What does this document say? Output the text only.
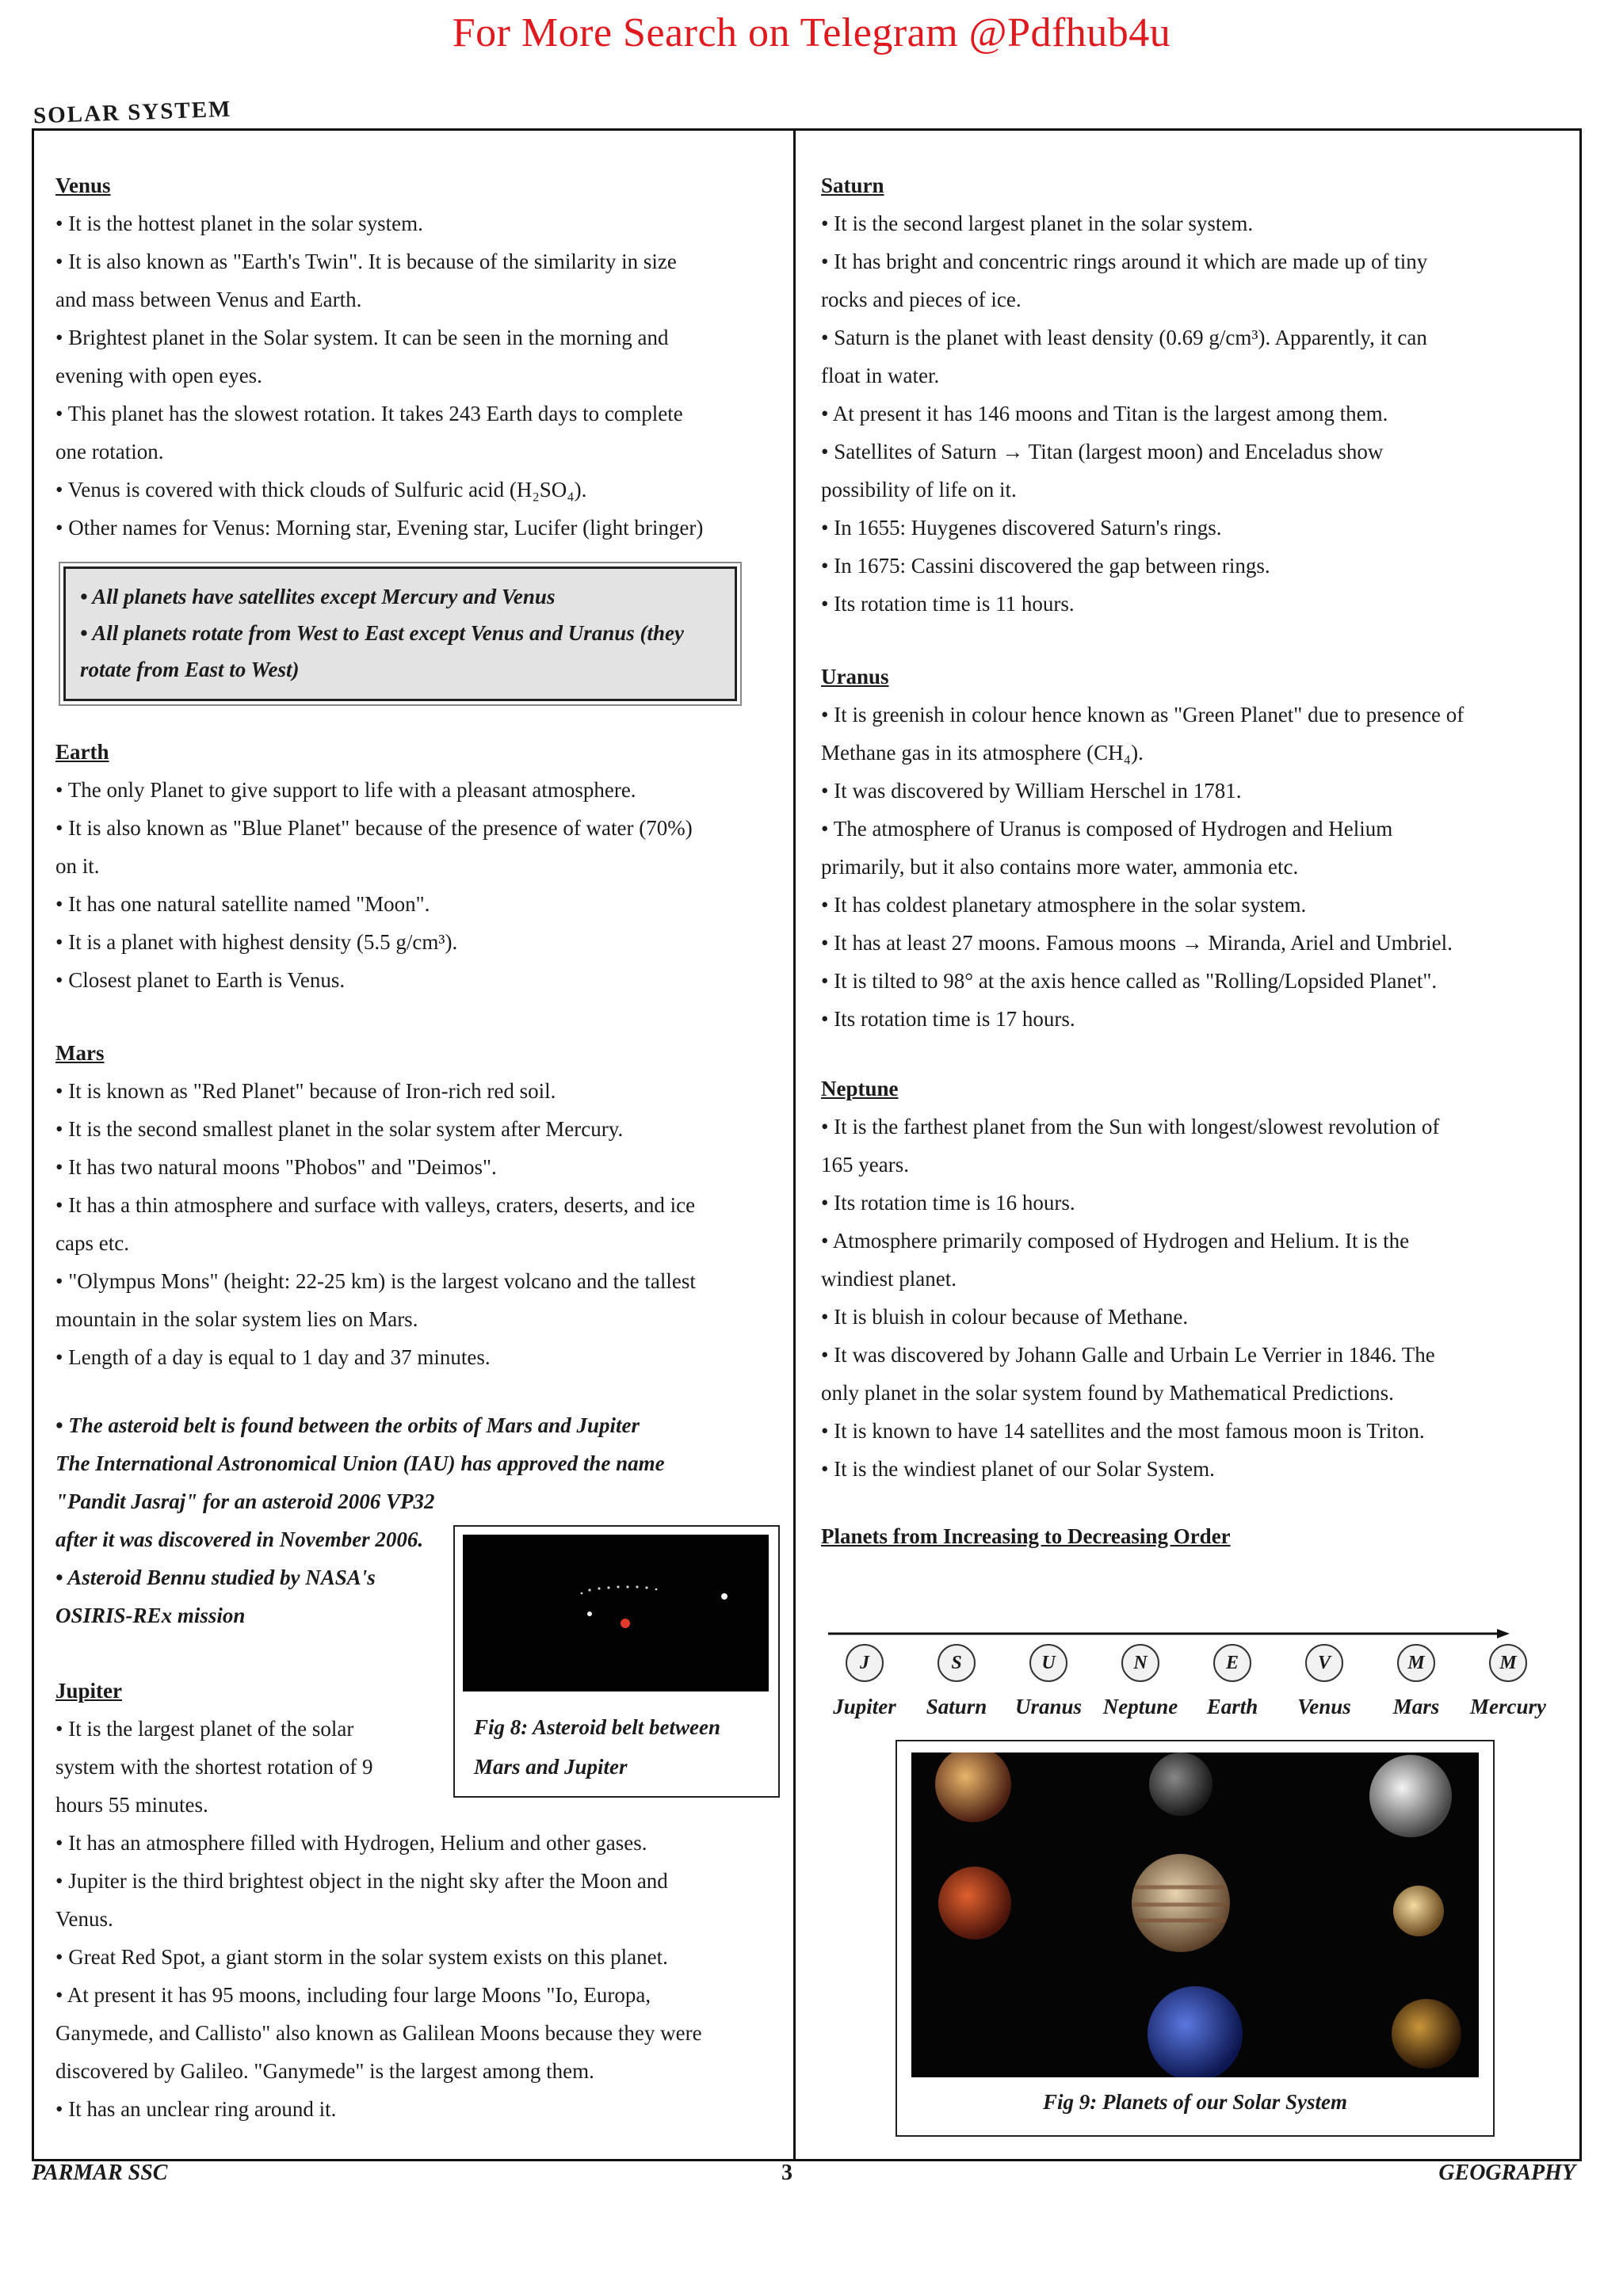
For More Search on Telegram @Pdfhub4u
SOLAR SYSTEM

Venus

• It is the hottest planet in the solar system.

• It is also known as "Earth's Twin". It is because of the similarity in size

and mass between Venus and Earth.

• Brightest planet in the Solar system. It can be seen in the morning and

evening with open eyes.

• This planet has the slowest rotation. It takes 243 Earth days to complete

one rotation.

• Venus is covered with thick clouds of Sulfuric acid (H₂SO₄).

• Other names for Venus: Morning star, Evening star, Lucifer (light bringer)

• All planets have satellites except Mercury and Venus

• All planets rotate from West to East except Venus and Uranus (they

rotate from East to West)

Earth

• The only Planet to give support to life with a pleasant atmosphere.

• It is also known as "Blue Planet" because of the presence of water (70%)

on it.

• It has one natural satellite named "Moon".

• It is a planet with highest density (5.5 g/cm³).

• Closest planet to Earth is Venus.

Mars

• It is known as "Red Planet" because of Iron-rich red soil.

• It is the second smallest planet in the solar system after Mercury.

• It has two natural moons "Phobos" and "Deimos".

• It has a thin atmosphere and surface with valleys, craters, deserts, and ice

caps etc.

• "Olympus Mons" (height: 22-25 km) is the largest volcano and the tallest

mountain in the solar system lies on Mars.

• Length of a day is equal to 1 day and 37 minutes.

• The asteroid belt is found between the orbits of Mars and Jupiter

The International Astronomical Union (IAU) has approved the name

"Pandit Jasraj" for an asteroid 2006 VP32

after it was discovered in November 2006.

• Asteroid Bennu studied by NASA's

OSIRIS-REx mission

Fig 8: Asteroid belt between Mars and Jupiter

Jupiter

• It is the largest planet of the solar

system with the shortest rotation of 9

hours 55 minutes.

• It has an atmosphere filled with Hydrogen, Helium and other gases.

• Jupiter is the third brightest object in the night sky after the Moon and

Venus.

• Great Red Spot, a giant storm in the solar system exists on this planet.

• At present it has 95 moons, including four large Moons "Io, Europa,

Ganymede, and Callisto" also known as Galilean Moons because they were

discovered by Galileo. "Ganymede" is the largest among them.

• It has an unclear ring around it.

Saturn

• It is the second largest planet in the solar system.

• It has bright and concentric rings around it which are made up of tiny

rocks and pieces of ice.

• Saturn is the planet with least density (0.69 g/cm³). Apparently, it can

float in water.

• At present it has 146 moons and Titan is the largest among them.

• Satellites of Saturn → Titan (largest moon) and Enceladus show

possibility of life on it.

• In 1655: Huygenes discovered Saturn's rings.

• In 1675: Cassini discovered the gap between rings.

• Its rotation time is 11 hours.

Uranus

• It is greenish in colour hence known as "Green Planet" due to presence of

Methane gas in its atmosphere (CH₄).

• It was discovered by William Herschel in 1781.

• The atmosphere of Uranus is composed of Hydrogen and Helium

primarily, but it also contains more water, ammonia etc.

• It has coldest planetary atmosphere in the solar system.

• It has at least 27 moons. Famous moons → Miranda, Ariel and Umbriel.

• It is tilted to 98° at the axis hence called as "Rolling/Lopsided Planet".

• Its rotation time is 17 hours.

Neptune

• It is the farthest planet from the Sun with longest/slowest revolution of

165 years.

• Its rotation time is 16 hours.

• Atmosphere primarily composed of Hydrogen and Helium. It is the

windiest planet.

• It is bluish in colour because of Methane.

• It was discovered by Johann Galle and Urbain Le Verrier in 1846. The

only planet in the solar system found by Mathematical Predictions.

• It is known to have 14 satellites and the most famous moon is Triton.

• It is the windiest planet of our Solar System.

Planets from Increasing to Decreasing Order

J
Jupiter
S
Saturn
U
Uranus
N
Neptune
E
Earth
V
Venus
M
Mars
M
Mercury
Fig 9: Planets of our Solar System
PARMAR SSC	3	GEOGRAPHY
